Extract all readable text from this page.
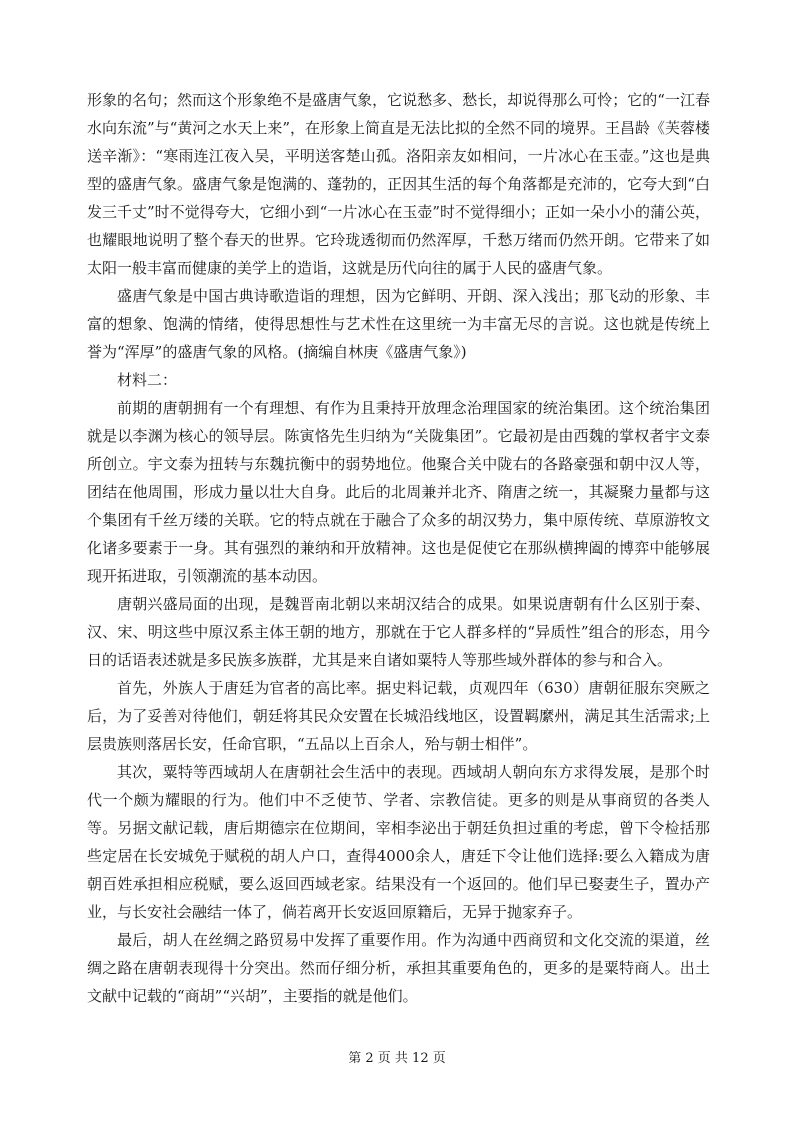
形象的名句；然而这个形象绝不是盛唐气象，它说愁多、愁长，却说得那么可怜；它的“一江春水向东流”与“黄河之水天上来”，在形象上简直是无法比拟的全然不同的境界。王昌龄《芙蓉楼送辛渐》：“寒雨连江夜入吴，平明送客楚山孤。洛阳亲友如相问，一片冰心在玉壶。”这也是典型的盛唐气象。盛唐气象是饱满的、蓬勃的，正因其生活的每个角落都是充沛的，它夸大到“白发三千丈”时不觉得夸大，它细小到“一片冰心在玉壶”时不觉得细小；正如一朵小小的蒲公英，也耀眼地说明了整个春天的世界。它玲珑透彻而仍然浑厚，千愁万绪而仍然开朗。它带来了如太阳一般丰富而健康的美学上的造诣，这就是历代向往的属于人民的盛唐气象。

盛唐气象是中国古典诗歌造诣的理想，因为它鲜明、开朗、深入浅出；那飞动的形象、丰富的想象、饱满的情绪，使得思想性与艺术性在这里统一为丰富无尽的言说。这也就是传统上誉为“浑厚”的盛唐气象的风格。(摘编自林庚《盛唐气象》)

材料二：

前期的唐朝拥有一个有理想、有作为且秉持开放理念治理国家的统治集团。这个统治集团就是以李渊为核心的领导层。陈寅恪先生归纳为“关陇集团”。它最初是由西魏的掌权者宇文泰所创立。宇文泰为扭转与东魏抗衡中的弱势地位。他聚合关中陇右的各路豪强和朝中汉人等，团结在他周围，形成力量以壮大自身。此后的北周兼并北齐、隋唐之统一，其凝聚力量都与这个集团有千丝万缕的关联。它的特点就在于融合了众多的胡汉势力，集中原传统、草原游牧文化诸多要素于一身。其有强烈的兼纳和开放精神。这也是促使它在那纵横捭阖的博弈中能够展现开拓进取，引领潮流的基本动因。

唐朝兴盛局面的出现，是魏晋南北朝以来胡汉结合的成果。如果说唐朝有什么区别于秦、汉、宋、明这些中原汉系主体王朝的地方，那就在于它人群多样的“异质性”组合的形态，用今日的话语表述就是多民族多族群，尤其是来自诸如粟特人等那些域外群体的参与和合入。

首先，外族人于唐廷为官者的高比率。据史料记载，贞观四年（630）唐朝征服东突厥之后，为了妥善对待他们，朝廷将其民众安置在长城沿线地区，设置羁縻州，满足其生活需求;上层贵族则落居长安，任命官职，“五品以上百余人，殆与朝士相伴”。

其次，粟特等西域胡人在唐朝社会生活中的表现。西域胡人朝向东方求得发展，是那个时代一个颇为耀眼的行为。他们中不乏使节、学者、宗教信徒。更多的则是从事商贸的各类人等。另据文献记载，唐后期德宗在位期间，宰相李泌出于朝廷负担过重的考虑，曾下令检括那些定居在长安城免于赋税的胡人户口，查得4000余人，唐廷下令让他们选择:要么入籍成为唐朝百姓承担相应税赋，要么返回西域老家。结果没有一个返回的。他们早已娶妻生子，置办产业，与长安社会融结一体了，倘若离开长安返回原籍后，无异于抛家弃子。

最后，胡人在丝绸之路贸易中发挥了重要作用。作为沟通中西商贸和文化交流的渠道，丝绸之路在唐朝表现得十分突出。然而仔细分析，承担其重要角色的，更多的是粟特商人。出土文献中记载的“商胡”“兴胡”，主要指的就是他们。

第 2 页 共 12 页
